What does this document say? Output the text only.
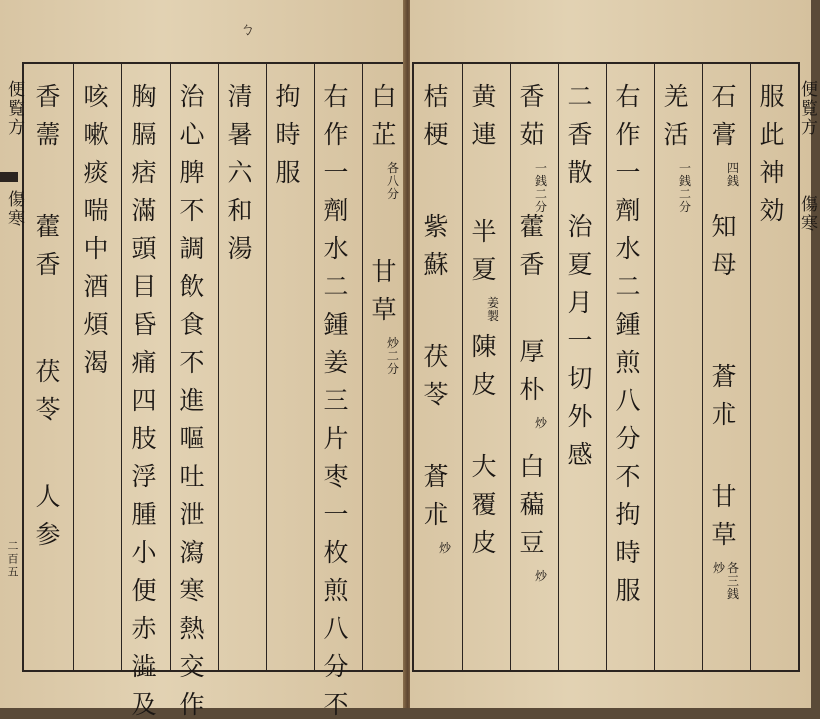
ㄅ
白
芷
各
八
分
甘
草
炒
二
分
右
作
一
劑
水
二
鍾
姜
三
片
枣
一
枚
煎
八
分
不
拘
時
服
清
暑
六
和
湯
治
心
脾
不
調
飲
食
不
進
嘔
吐
泄
瀉
寒
熱
交
作
胸
膈
痞
滿
頭
目
昏
痛
四
肢
浮
腫
小
便
赤
澁
及
咳
嗽
痰
喘
中
酒
煩
渴
香
薷
藿
香
茯
苓
人
参
便覧方
傷寒
二百五
服
此
神
効
石
膏
四
銭
知
母
蒼
朮
甘
草
各
三
銭
炒
羌
活
一
銭
二
分
右
作
一
劑
水
二
鍾
煎
八
分
不
拘
時
服
二
香
散
治
夏
月
一
切
外
感
香
茹
一
銭
二
分
藿
香
厚
朴
炒
白
藊
豆
炒
黄
連
半
夏
姜
製
陳
皮
大
覆
皮
桔
梗
紫
蘇
茯
苓
蒼
朮
炒
便覧方
傷寒
